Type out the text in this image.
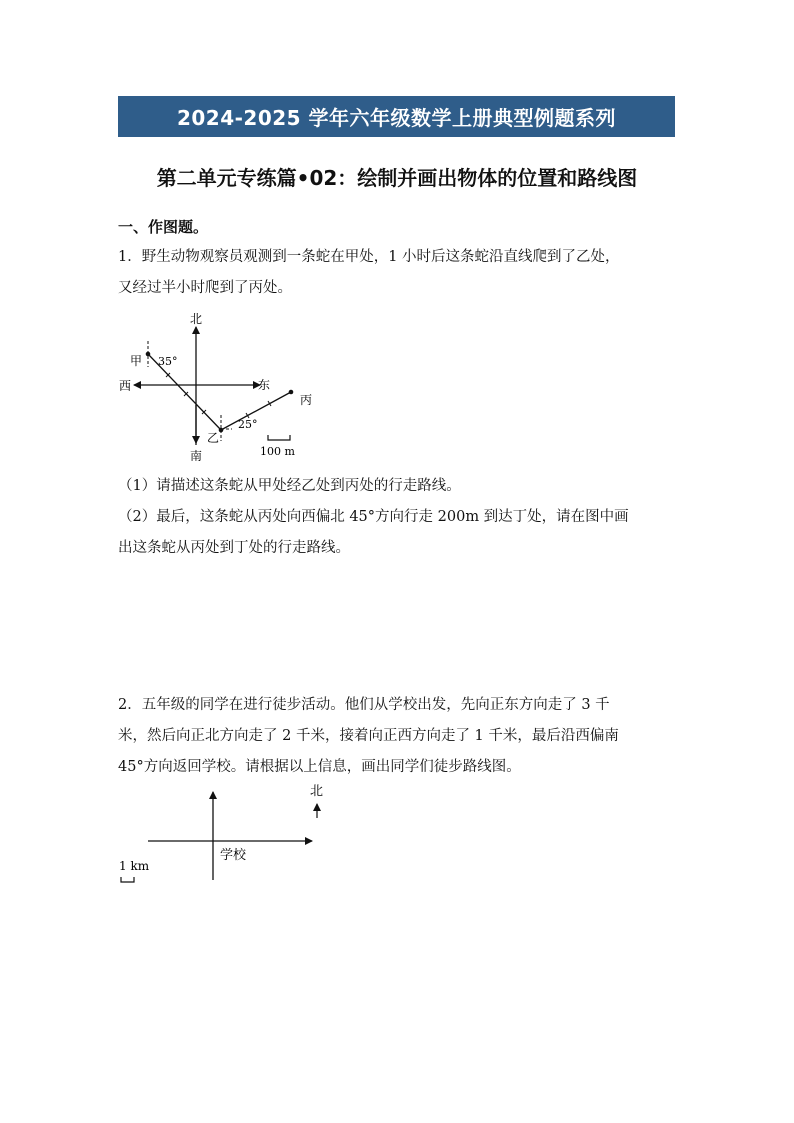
2024-2025 学年六年级数学上册典型例题系列
第二单元专练篇•02：绘制并画出物体的位置和路线图
一、作图题。
1．野生动物观察员观测到一条蛇在甲处，1 小时后这条蛇沿直线爬到了乙处，
又经过半小时爬到了丙处。
北
南
东
西
甲
乙
丙
35°
25°
100 m
（1）请描述这条蛇从甲处经乙处到丙处的行走路线。
（2）最后，这条蛇从丙处向西偏北 45°方向行走 200m 到达丁处，请在图中画
出这条蛇从丙处到丁处的行走路线。
2．五年级的同学在进行徒步活动。他们从学校出发，先向正东方向走了 3 千
米，然后向正北方向走了 2 千米，接着向正西方向走了 1 千米，最后沿西偏南
45°方向返回学校。请根据以上信息，画出同学们徒步路线图。
北
学校
1 km
